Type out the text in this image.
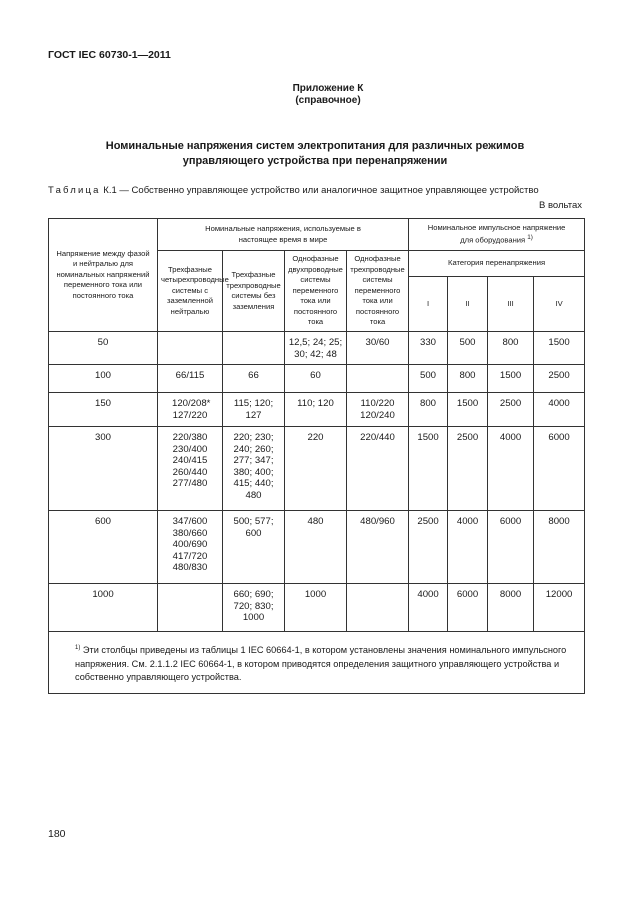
ГОСТ IEC 60730-1—2011
Приложение К
(справочное)
Номинальные напряжения систем электропитания для различных режимов
управляющего устройства при перенапряжении
Таблица К.1 — Собственно управляющее устройство или аналогичное защитное управляющее устройство
В вольтах
Напряжение между фазой и нейтралью для номинальных напряжений переменного тока или постоянного тока	Номинальные напряжения, используемые в настоящее время в мире				Номинальное импульсное напряжение для оборудования $^{1)}$
	Трехфазные четырехпроводные системы с заземленной нейтралью	Трехфазные трехпроводные системы без заземления	Однофазные двухпроводные системы переменного тока или постоянного тока	Однофазные трехпроводные системы переменного тока или постоянного тока	Категория перенапряжения			
					I	II	III	IV
50			12,5; 24; 25; 30; 42; 48	30/60	330	500	800	1500
100	66/115	66	60		500	800	1500	2500
150	120/208* 127/220	115; 120; 127	110; 120	110/220 120/240	800	1500	2500	4000
300	220/380 230/400 240/415 260/440 277/480	220; 230; 240; 260; 277; 347; 380; 400; 415; 440; 480	220	220/440	1500	2500	4000	6000
600	347/600 380/660 400/690 417/720 480/830	500; 577; 600	480	480/960	2500	4000	6000	8000
1000		660; 690; 720; 830; 1000	1000		4000	6000	8000	12000
$^{1)}$ Эти столбцы приведены из таблицы 1 IEC 60664-1, в котором установлены значения номинального импульсного напряжения. См. 2.1.1.2 IEC 60664-1, в котором приводятся определения защитного управляющего устройства и собственно управляющего устройства.								
180
